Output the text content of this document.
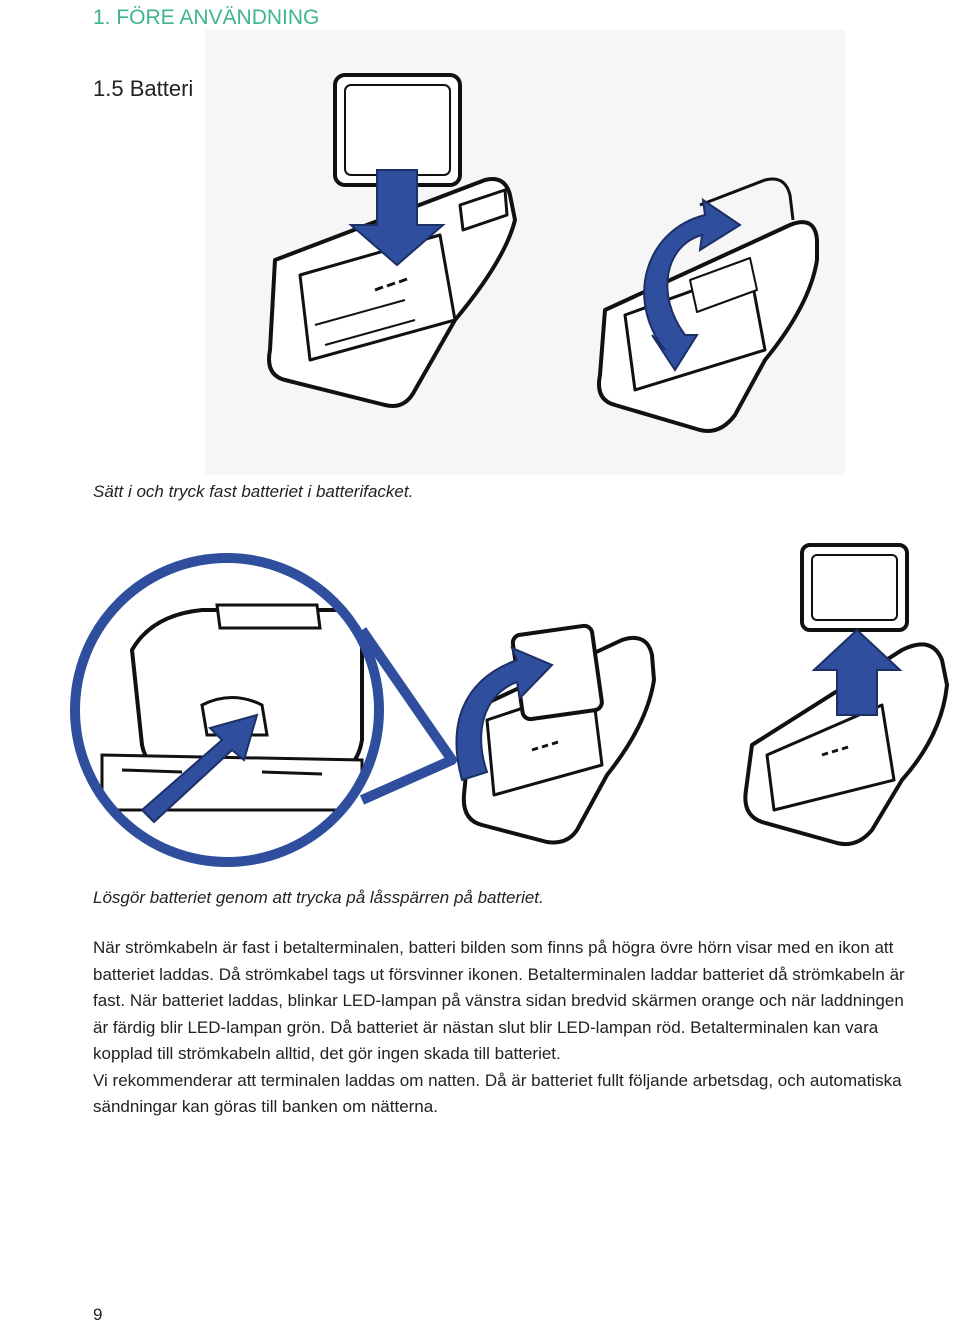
1. FÖRE ANVÄNDNING
1.5 Batteri

Sätt i och tryck fast batteriet i batterifacket.

Lösgör batteriet genom att trycka på låsspärren på batteriet.

När strömkabeln är fast i betalterminalen, batteri bilden som finns på högra övre hörn visar med en ikon att batteriet laddas. Då strömkabel tags ut försvinner ikonen. Betalterminalen laddar batteriet då strömkabeln är fast. När batteriet laddas, blinkar LED-lampan på vänstra sidan bredvid skärmen orange och när laddningen är färdig blir LED-lampan grön. Då batteriet är nästan slut blir LED-lampan röd. Betalterminalen kan vara kopplad till strömkabeln alltid, det gör ingen skada till batteriet.

Vi rekommenderar att terminalen laddas om natten. Då är batteriet fullt följande arbetsdag, och automatiska sändningar kan göras till banken om nätterna.

9
